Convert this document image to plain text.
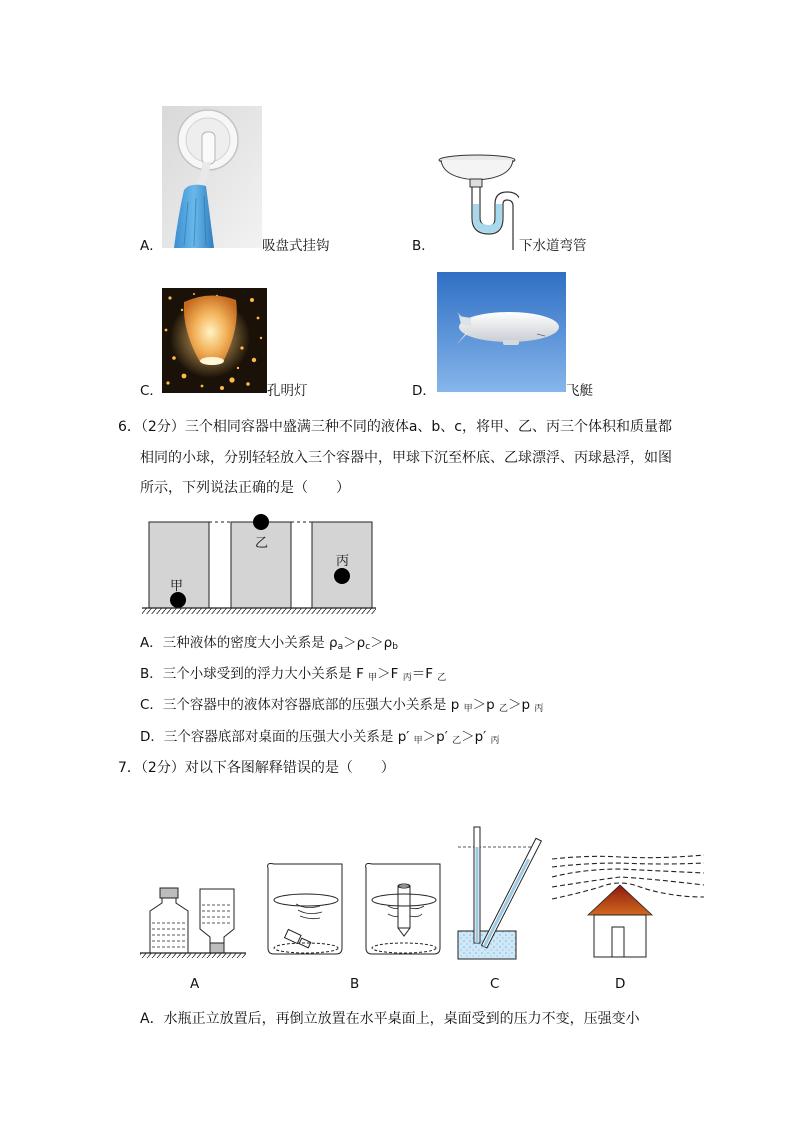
A．	吸盘式挂钩	B．	下水道弯管
C．	孔明灯	D．	飞艇
6．（2分）三个相同容器中盛满三种不同的液体a、b、c，将甲、乙、丙三个体积和质量都
相同的小球，分别轻轻放入三个容器中，甲球下沉至杯底、乙球漂浮、丙球悬浮，如图
所示，下列说法正确的是（　　）
甲
乙
丙
A．三种液体的密度大小关系是 $\rho_a>\rho_c>\rho_b$
B．三个小球受到的浮力大小关系是 F $_甲$＞F $_丙$＝F $_乙$
C．三个容器中的液体对容器底部的压强大小关系是 p $_甲$＞p $_乙$＞p $_丙$
D．三个容器底部对桌面的压强大小关系是 p′ $_甲$＞p′ $_乙$＞p′ $_丙$
7．（2分）对以下各图解释错误的是（　　）
A	B	C	D
A．水瓶正立放置后，再倒立放置在水平桌面上，桌面受到的压力不变，压强变小
